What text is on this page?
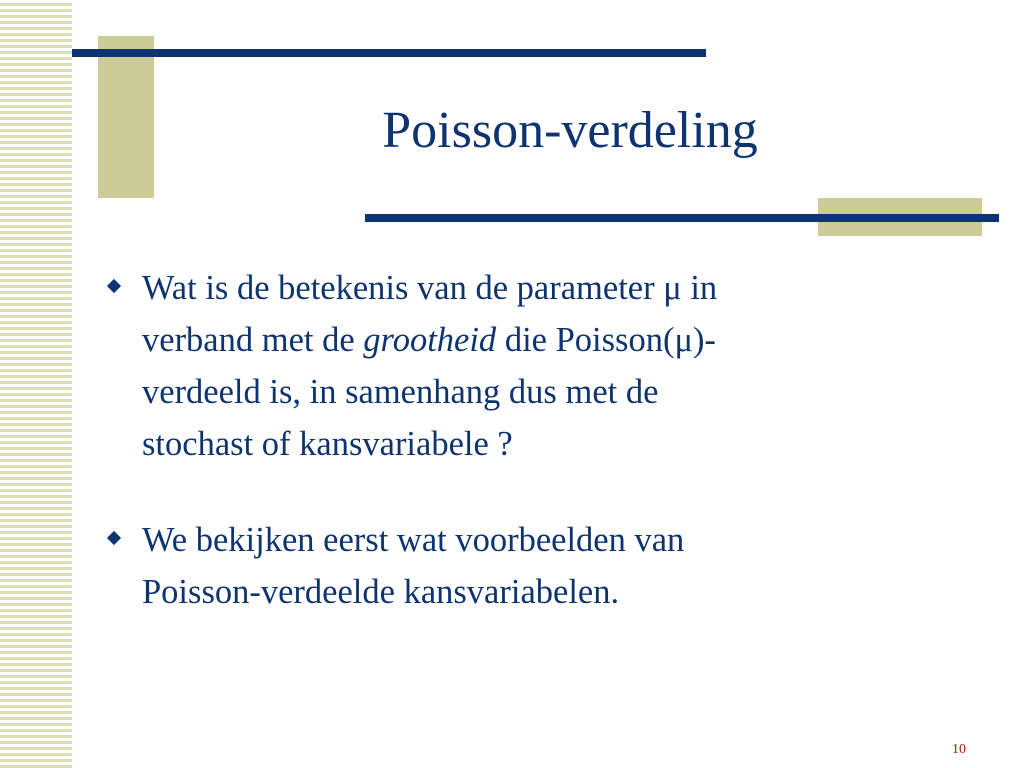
Poisson-verdeling
Wat is de betekenis van de parameter μ in
verband met de grootheid die Poisson(μ)-
verdeeld is, in samenhang dus met de
stochast of kansvariabele ?
We bekijken eerst wat voorbeelden van
Poisson-verdeelde kansvariabelen.
10
